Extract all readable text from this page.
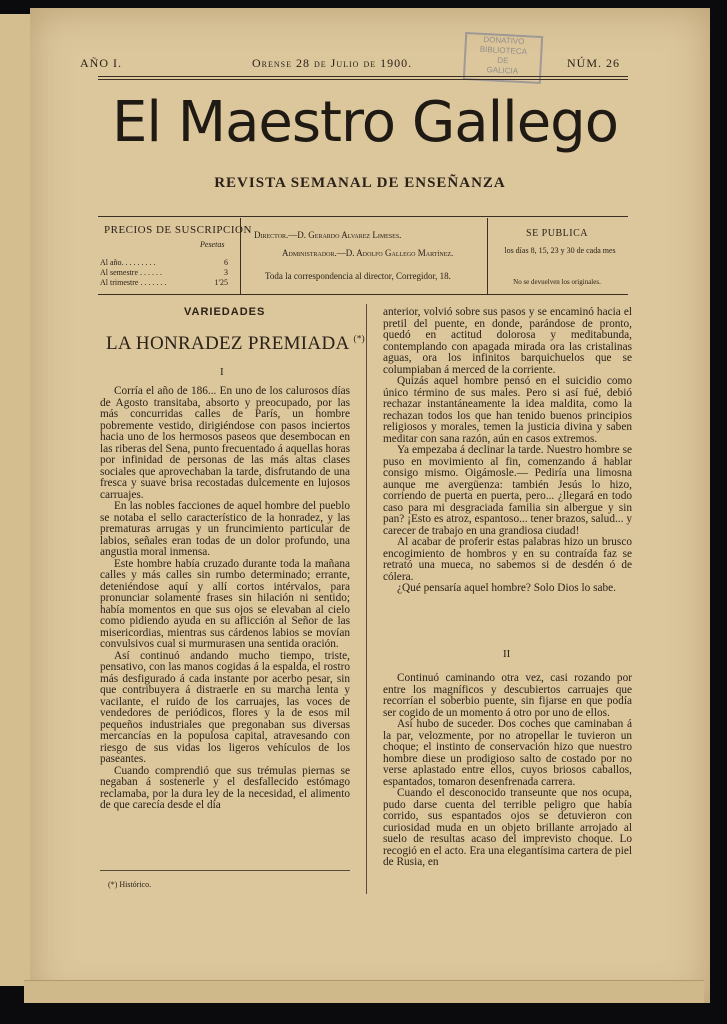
AÑO I.	Orense 28 de Julio de 1900.	NÚM. 26
DONATIVO
BIBLIOTECA
DE
GALICIA
El Maestro Gallego
REVISTA SEMANAL DE ENSEÑANZA
PRECIOS DE SUSCRIPCION
Pesetas
Al año. . . . . . . . .	6
Al semestre . . . . . .	3
Al trimestre . . . . . . .	1'25
Director.—D. Gerardo Alvarez Limeses.
Administrador.—D. Adolfo Gallego Martínez.
Toda la correspondencia al director, Corregidor, 18.
SE PUBLICA
los días 8, 15, 23 y 30 de cada mes
No se devuelven los originales.
VARIEDADES
LA HONRADEZ PREMIADA (*)
I

Corría el año de 186... En uno de los calurosos días de Agosto transitaba, absorto y preocupado, por las más concurridas calles de París, un hombre pobremente vestido, dirigiéndose con pasos inciertos hacia uno de los hermosos paseos que desembocan en las riberas del Sena, punto frecuentado á aquellas horas por infinidad de personas de las más altas clases sociales que aprovechaban la tarde, disfrutando de una fresca y suave brisa recostadas dulcemente en lujosos carruajes.

En las nobles facciones de aquel hombre del pueblo se notaba el sello característico de la honradez, y las prematuras arrugas y un fruncimiento particular de labios, señales eran todas de un dolor profundo, una angustia moral inmensa.

Este hombre había cruzado durante toda la mañana calles y más calles sin rumbo determinado; errante, deteniéndose aquí y allí cortos intérvalos, para pronunciar solamente frases sin hilación ni sentido; había momentos en que sus ojos se elevaban al cielo como pidiendo ayuda en su aflicción al Señor de las misericordias, mientras sus cárdenos labios se movían convulsivos cual si murmurasen una sentida oración.

Así continuó andando mucho tiempo, triste, pensativo, con las manos cogidas á la espalda, el rostro más desfigurado á cada instante por acerbo pesar, sin que contribuyera á distraerle en su marcha lenta y vacilante, el ruido de los carruajes, las voces de vendedores de periódicos, flores y la de esos mil pequeños industriales que pregonaban sus diversas mercancías en la populosa capital, atravesando con riesgo de sus vidas los ligeros vehículos de los paseantes.

Cuando comprendió que sus trémulas piernas se negaban á sostenerle y el desfallecido estómago reclamaba, por la dura ley de la necesidad, el alimento de que carecía desde el día

anterior, volvió sobre sus pasos y se encaminó hacia el pretil del puente, en donde, parándose de pronto, quedó en actitud dolorosa y meditabunda, contemplando con apagada mirada ora las cristalinas aguas, ora los infinitos barquichuelos que se columpiaban á merced de la corriente.

Quizás aquel hombre pensó en el suicidio como único término de sus males. Pero si así fué, debió rechazar instantáneamente la idea maldita, como la rechazan todos los que han tenido buenos principios religiosos y morales, temen la justicia divina y saben meditar con sana razón, aún en casos extremos.

Ya empezaba á declinar la tarde. Nuestro hombre se puso en movimiento al fin, comenzando á hablar consigo mismo. Oigámosle.— Pediría una limosna aunque me avergüenza: también Jesús lo hizo, corriendo de puerta en puerta, pero... ¿llegará en todo caso para mi desgraciada familia sin albergue y sin pan? ¡Esto es atroz, espantoso... tener brazos, salud... y carecer de trabajo en una grandiosa ciudad!

Al acabar de proferir estas palabras hizo un brusco encogimiento de hombros y en su contraída faz se retrató una mueca, no sabemos si de desdén ó de cólera.

¿Qué pensaría aquel hombre? Solo Dios lo sabe.

II

Continuó caminando otra vez, casi rozando por entre los magníficos y descubiertos carruajes que recorrían el soberbio puente, sin fijarse en que podía ser cogido de un momento á otro por uno de ellos.

Así hubo de suceder. Dos coches que caminaban á la par, velozmente, por no atropellar le tuvieron un choque; el instinto de conservación hizo que nuestro hombre diese un prodigioso salto de costado por no verse aplastado entre ellos, cuyos briosos caballos, espantados, tomaron desenfrenada carrera.

Cuando el desconocido transeunte que nos ocupa, pudo darse cuenta del terrible peligro que había corrido, sus espantados ojos se detuvieron con curiosidad muda en un objeto brillante arrojado al suelo de resultas acaso del imprevisto choque. Lo recogió en el acto. Era una elegantísima cartera de piel de Rusia, en

(*) Histórico.
